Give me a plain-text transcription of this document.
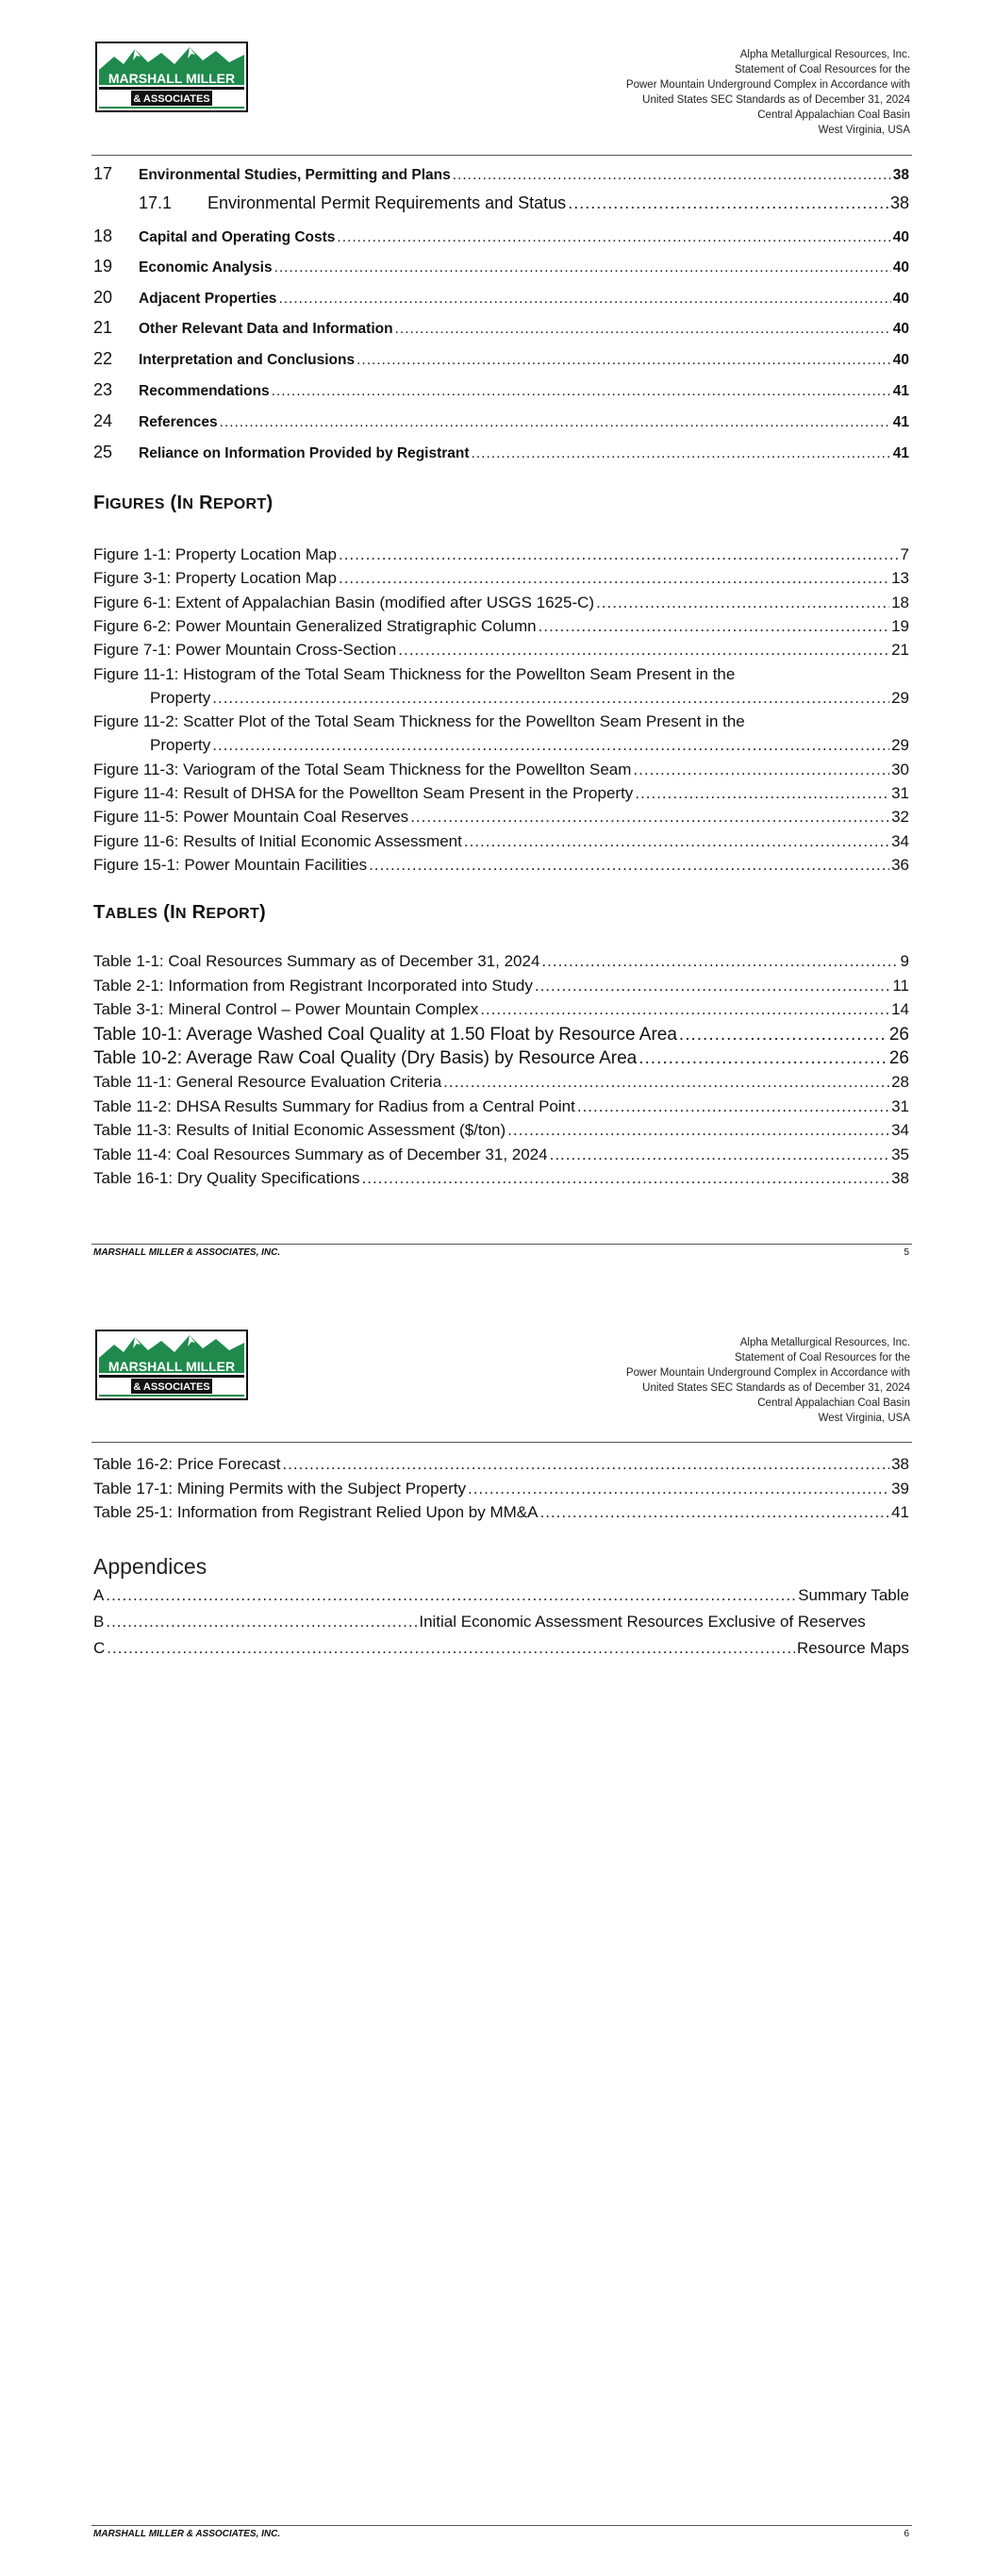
MARSHALL MILLER
& ASSOCIATES
Alpha Metallurgical Resources, Inc.
Statement of Coal Resources for the
Power Mountain Underground Complex in Accordance with
United States SEC Standards as of December 31, 2024
Central Appalachian Coal Basin
West Virginia, USA
17 Environmental Studies, Permitting and Plans .....	38
17.1 Environmental Permit Requirements and Status .....	38
18 Capital and Operating Costs .....	40
19 Economic Analysis .....	40
20 Adjacent Properties .....	40
21 Other Relevant Data and Information .....	40
22 Interpretation and Conclusions .....	40
23 Recommendations .....	41
24 References .....	41
25 Reliance on Information Provided by Registrant .....	41
FIGURES (IN REPORT)
Figure 1-1: Property Location Map .....	7
Figure 3-1: Property Location Map .....	13
Figure 6-1: Extent of Appalachian Basin (modified after USGS 1625-C) .....	18
Figure 6-2: Power Mountain Generalized Stratigraphic Column .....	19
Figure 7-1: Power Mountain Cross-Section .....	21
Figure 11-1: Histogram of the Total Seam Thickness for the Powellton Seam Present in the
Property .....	29
Figure 11-2: Scatter Plot of the Total Seam Thickness for the Powellton Seam Present in the
Property .....	29
Figure 11-3: Variogram of the Total Seam Thickness for the Powellton Seam .....	30
Figure 11-4: Result of DHSA for the Powellton Seam Present in the Property .....	31
Figure 11-5: Power Mountain Coal Reserves .....	32
Figure 11-6: Results of Initial Economic Assessment .....	34
Figure 15-1: Power Mountain Facilities .....	36
TABLES (IN REPORT)
Table 1-1: Coal Resources Summary as of December 31, 2024 .....	9
Table 2-1: Information from Registrant Incorporated into Study .....	11
Table 3-1: Mineral Control – Power Mountain Complex .....	14
Table 10-1: Average Washed Coal Quality at 1.50 Float by Resource Area .....	26
Table 10-2: Average Raw Coal Quality (Dry Basis) by Resource Area .....	26
Table 11-1: General Resource Evaluation Criteria .....	28
Table 11-2: DHSA Results Summary for Radius from a Central Point .....	31
Table 11-3: Results of Initial Economic Assessment ($/ton) .....	34
Table 11-4: Coal Resources Summary as of December 31, 2024 .....	35
Table 16-1: Dry Quality Specifications .....	38
MARSHALL MILLER & ASSOCIATES, INC.	5
MARSHALL MILLER
& ASSOCIATES
Alpha Metallurgical Resources, Inc.
Statement of Coal Resources for the
Power Mountain Underground Complex in Accordance with
United States SEC Standards as of December 31, 2024
Central Appalachian Coal Basin
West Virginia, USA
Table 16-2: Price Forecast .....	38
Table 17-1: Mining Permits with the Subject Property .....	39
Table 25-1: Information from Registrant Relied Upon by MM&A .....	41
Appendices
A .....	Summary Table
B .....	Initial Economic Assessment Resources Exclusive of Reserves
C .....	Resource Maps
MARSHALL MILLER & ASSOCIATES, INC.	6
